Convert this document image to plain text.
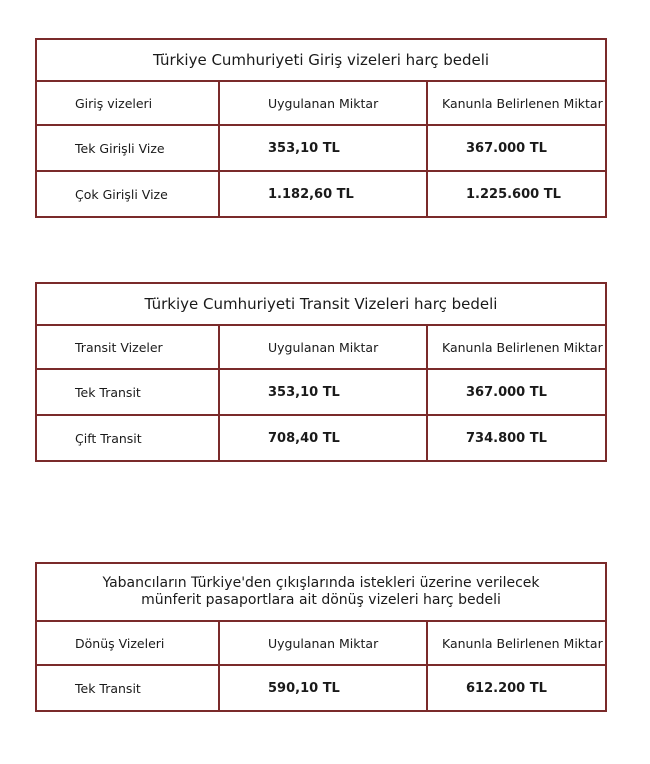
Türkiye Cumhuriyeti Giriş vizeleri harç bedeli
Giriş vizeleri	Uygulanan Miktar	Kanunla Belirlenen Miktar
Tek Girişli Vize	353,10 TL	367.000 TL
Çok Girişli Vize	1.182,60 TL	1.225.600 TL
Türkiye Cumhuriyeti Transit Vizeleri harç bedeli
Transit Vizeler	Uygulanan Miktar	Kanunla Belirlenen Miktar
Tek Transit	353,10 TL	367.000 TL
Çift Transit	708,40 TL	734.800 TL
Yabancıların Türkiye'den çıkışlarında istekleri üzerine verilecek
münferit pasaportlara ait dönüş vizeleri harç bedeli
Dönüş Vizeleri	Uygulanan Miktar	Kanunla Belirlenen Miktar
Tek Transit	590,10 TL	612.200 TL
